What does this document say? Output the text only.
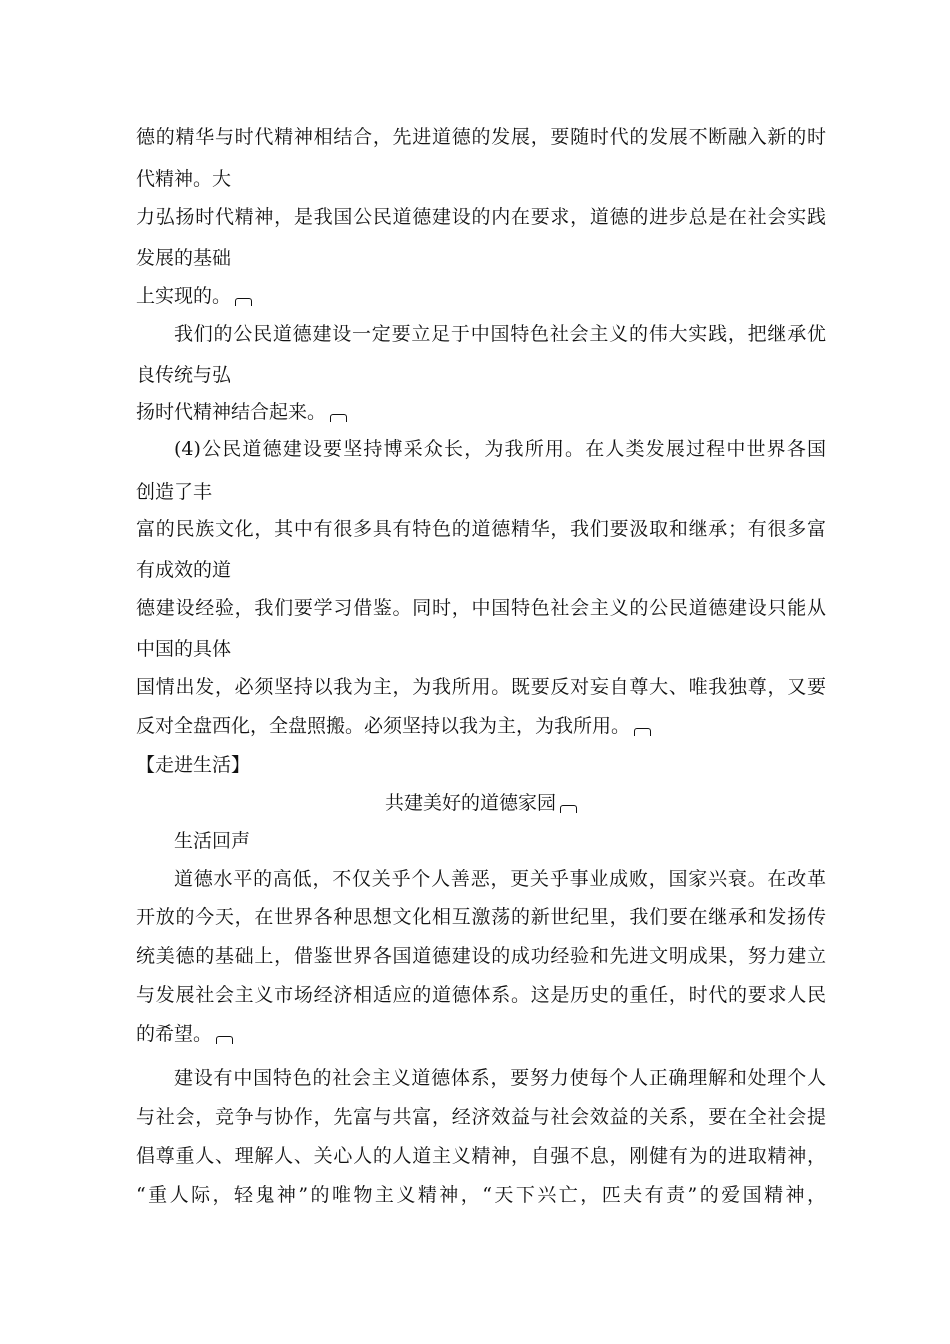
德的精华与时代精神相结合，先进道德的发展，要随时代的发展不断融入新的时
代精神。大
力弘扬时代精神，是我国公民道德建设的内在要求，道德的进步总是在社会实践
发展的基础
上实现的。
我们的公民道德建设一定要立足于中国特色社会主义的伟大实践，把继承优
良传统与弘
扬时代精神结合起来。
(4)公民道德建设要坚持博采众长，为我所用。在人类发展过程中世界各国
创造了丰
富的民族文化，其中有很多具有特色的道德精华，我们要汲取和继承；有很多富
有成效的道
德建设经验，我们要学习借鉴。同时，中国特色社会主义的公民道德建设只能从
中国的具体
国情出发，必须坚持以我为主，为我所用。既要反对妄自尊大、唯我独尊，又要
反对全盘西化，全盘照搬。必须坚持以我为主，为我所用。
【走进生活】
共建美好的道德家园
生活回声
道德水平的高低，不仅关乎个人善恶，更关乎事业成败，国家兴衰。在改革
开放的今天，在世界各种思想文化相互激荡的新世纪里，我们要在继承和发扬传
统美德的基础上，借鉴世界各国道德建设的成功经验和先进文明成果，努力建立
与发展社会主义市场经济相适应的道德体系。这是历史的重任，时代的要求人民
的希望。
建设有中国特色的社会主义道德体系，要努力使每个人正确理解和处理个人
与社会，竞争与协作，先富与共富，经济效益与社会效益的关系，要在全社会提
倡尊重人、理解人、关心人的人道主义精神，自强不息，刚健有为的进取精神，
“重人际，轻鬼神”的唯物主义精神，“天下兴亡，匹夫有责”的爱国精神，
